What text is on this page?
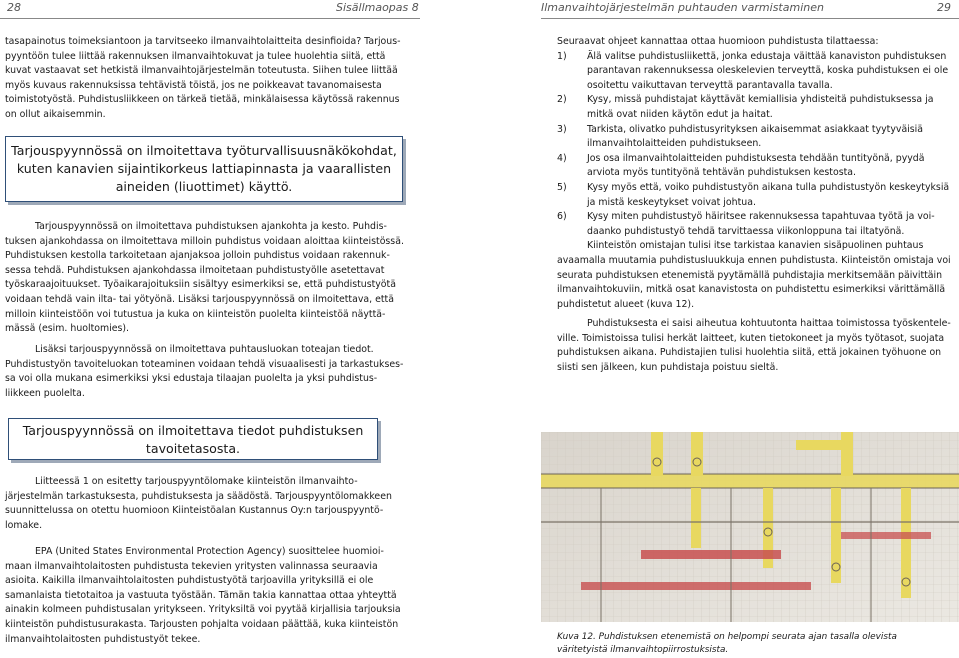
28	Sisällmaopas 8	Ilmanvaihtojärjestelmän puhtauden varmistaminen	29

tasapainotus toimeksiantoon ja tarvitseeko ilmanvaihtolaitteita desinfioida? Tarjous-

pyyntöön tulee liittää rakennuksen ilmanvaihtokuvat ja tulee huolehtia siitä, että

kuvat vastaavat set hetkistä ilmanvaihtojärjestelmän toteutusta. Siihen tulee liittää

myös kuvaus rakennuksissa tehtävistä töistä, jos ne poikkeavat tavanomaisesta

toimistotyöstä. Puhdistusliikkeen on tärkeä tietää, minkälaisessa käytössä rakennus

on ollut aikaisemmin.

Tarjouspyynnössä on ilmoitettava työturvallisuusnäkökohdat,
kuten kanavien sijaintikorkeus lattiapinnasta ja vaarallisten
aineiden (liuottimet) käyttö.

Tarjouspyynnössä on ilmoitettava puhdistuksen ajankohta ja kesto. Puhdis-

tuksen ajankohdassa on ilmoitettava milloin puhdistus voidaan aloittaa kiinteistössä.

Puhdistuksen kestolla tarkoitetaan ajanjaksoa jolloin puhdistus voidaan rakennuk-

sessa tehdä. Puhdistuksen ajankohdassa ilmoitetaan puhdistustyölle asetettavat

työskaraajoituukset. Työaikarajoituksiin sisältyy esimerkiksi se, että puhdistustyötä

voidaan tehdä vain ilta- tai yötyönä. Lisäksi tarjouspyynnössä on ilmoitettava, että

milloin kiinteistöön voi tutustua ja kuka on kiinteistön puolelta kiinteistöä näyttä-

mässä (esim. huoltomies).

Lisäksi tarjouspyynnössä on ilmoitettava puhtausluokan toteajan tiedot.

Puhdistustyön tavoiteluokan toteaminen voidaan tehdä visuaalisesti ja tarkastukses-

sa voi olla mukana esimerkiksi yksi edustaja tilaajan puolelta ja yksi puhdistus-

liikkeen puolelta.

Tarjouspyynnössä on ilmoitettava tiedot puhdistuksen
tavoitetasosta.

Liitteessä 1 on esitetty tarjouspyyntölomake kiinteistön ilmanvaihto-

järjestelmän tarkastuksesta, puhdistuksesta ja säädöstä. Tarjouspyyntölomakkeen

suunnittelussa on otettu huomioon Kiinteistöalan Kustannus Oy:n tarjouspyyntö-

lomake.

EPA (United States Environmental Protection Agency) suosittelee huomioi-

maan ilmanvaihtolaitosten puhdistusta tekevien yritysten valinnassa seuraavia

asioita. Kaikilla ilmanvaihtolaitosten puhdistustyötä tarjoavilla yrityksillä ei ole

samanlaista tietotaitoa ja vastuuta työstään. Tämän takia kannattaa ottaa yhteyttä

ainakin kolmeen puhdistusalan yritykseen. Yrityksiltä voi pyytää kirjallisia tarjouksia

kiinteistön puhdistusurakasta. Tarjousten pohjalta voidaan päättää, kuka kiinteistön

ilmanvaihtolaitosten puhdistustyöt tekee.

Seuraavat ohjeet kannattaa ottaa huomioon puhdistusta tilattaessa:

1) Älä valitse puhdistusliikettä, jonka edustaja väittää kanaviston puhdistuksen
parantavan rakennuksessa oleskelevien terveyttä, koska puhdistuksen ei ole
osoitettu vaikuttavan terveyttä parantavalla tavalla.
2) Kysy, missä puhdistajat käyttävät kemiallisia yhdisteitä puhdistuksessa ja
mitkä ovat niiden käytön edut ja haitat.
3) Tarkista, olivatko puhdistusyrityksen aikaisemmat asiakkaat tyytyväisiä
ilmanvaihtolaitteiden puhdistukseen.
4) Jos osa ilmanvaihtolaitteiden puhdistuksesta tehdään tuntityönä, pyydä
arviota myös tuntityönä tehtävän puhdistuksen kestosta.
5) Kysy myös että, voiko puhdistustyön aikana tulla puhdistustyön keskeytyksiä
ja mistä keskeytykset voivat johtua.
6) Kysy miten puhdistustyö häiritsee rakennuksessa tapahtuvaa työtä ja voi-
daanko puhdistustyö tehdä tarvittaessa viikonloppuna tai iltatyönä.

Kiinteistön omistajan tulisi itse tarkistaa kanavien sisäpuolinen puhtaus

avaamalla muutamia puhdistusluukkuja ennen puhdistusta. Kiinteistön omistaja voi

seurata puhdistuksen etenemistä pyytämällä puhdistajia merkitsemään päivittäin

ilmanvaihtokuviin, mitkä osat kanavistosta on puhdistettu esimerkiksi värittämällä

puhdistetut alueet (kuva 12).

Puhdistuksesta ei saisi aiheutua kohtuutonta haittaa toimistossa työskentele-

ville. Toimistoissa tulisi herkät laitteet, kuten tietokoneet ja myös työtasot, suojata

puhdistuksen aikana. Puhdistajien tulisi huolehtia siitä, että jokainen työhuone on

siisti sen jälkeen, kun puhdistaja poistuu sieltä.

Kuva 12. Puhdistuksen etenemistä on helpompi seurata ajan tasalla olevista
väritetyistä ilmanvaihtopiirrostuksista.
